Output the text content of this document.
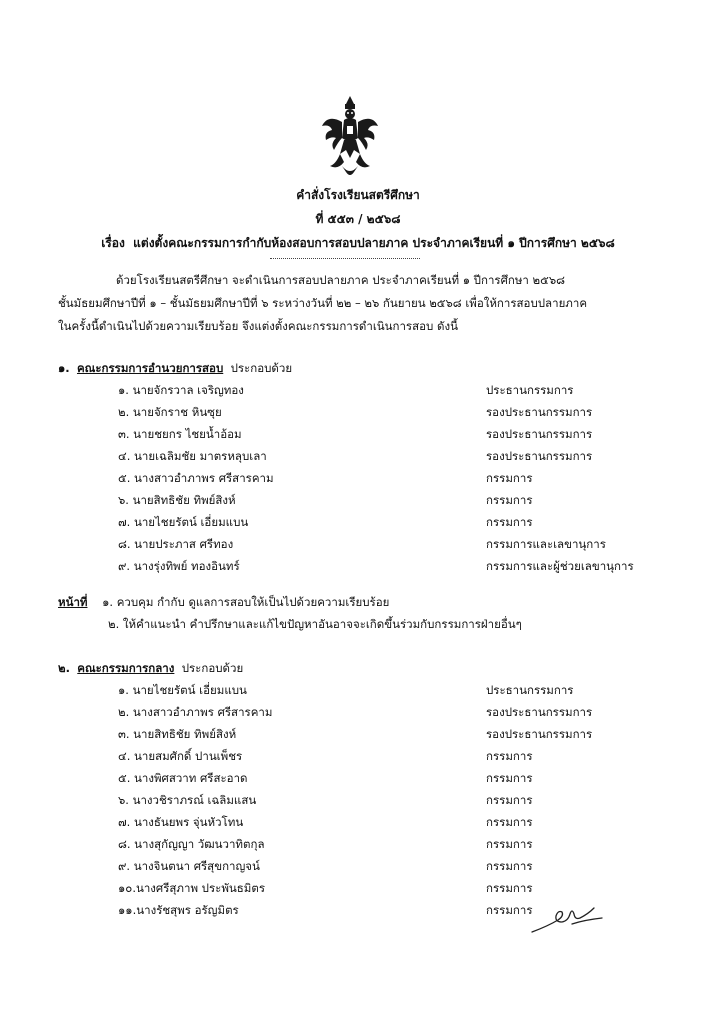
คำสั่งโรงเรียนสตรีศึกษา
ที่ ๕๕๓ / ๒๕๖๘
เรื่อง แต่งตั้งคณะกรรมการกำกับห้องสอบการสอบปลายภาค ประจำภาคเรียนที่ ๑ ปีการศึกษา ๒๕๖๘
ด้วยโรงเรียนสตรีศึกษา จะดำเนินการสอบปลายภาค ประจำภาคเรียนที่ ๑ ปีการศึกษา ๒๕๖๘
ชั้นมัธยมศึกษาปีที่ ๑ – ชั้นมัธยมศึกษาปีที่ ๖ ระหว่างวันที่ ๒๒ – ๒๖ กันยายน ๒๕๖๘ เพื่อให้การสอบปลายภาค
ในครั้งนี้ดำเนินไปด้วยความเรียบร้อย จึงแต่งตั้งคณะกรรมการดำเนินการสอบ ดังนี้
๑. คณะกรรมการอำนวยการสอบ ประกอบด้วย
๑. นายจักรวาล เจริญทอง	ประธานกรรมการ
๒. นายจักราช หินซุย	รองประธานกรรมการ
๓. นายชยกร ไชยน้ำอ้อม	รองประธานกรรมการ
๔. นายเฉลิมชัย มาตรหลุบเลา	รองประธานกรรมการ
๕. นางสาวอำภาพร ศรีสารคาม	กรรมการ
๖. นายสิทธิชัย ทิพย์สิงห์	กรรมการ
๗. นายไชยรัตน์ เอี่ยมแบน	กรรมการ
๘. นายประภาส ศรีทอง	กรรมการและเลขานุการ
๙. นางรุ่งทิพย์ ทองอินทร์	กรรมการและผู้ช่วยเลขานุการ
หน้าที่ ๑. ควบคุม กำกับ ดูแลการสอบให้เป็นไปด้วยความเรียบร้อย
๒. ให้คำแนะนำ คำปรึกษาและแก้ไขปัญหาอันอาจจะเกิดขึ้นร่วมกับกรรมการฝ่ายอื่นๆ
๒. คณะกรรมการกลาง ประกอบด้วย
๑. นายไชยรัตน์ เอี่ยมแบน	ประธานกรรมการ
๒. นางสาวอำภาพร ศรีสารคาม	รองประธานกรรมการ
๓. นายสิทธิชัย ทิพย์สิงห์	รองประธานกรรมการ
๔. นายสมศักดิ์ ปานเพ็ชร	กรรมการ
๕. นางพิศสวาท ศรีสะอาด	กรรมการ
๖. นางวชิราภรณ์ เฉลิมแสน	กรรมการ
๗. นางธันยพร จุ่นหัวโทน	กรรมการ
๘. นางสุกัญญา วัฒนวาทิตกุล	กรรมการ
๙. นางจินตนา ศรีสุขกาญจน์	กรรมการ
๑๐.นางศรีสุภาพ ประพันธมิตร	กรรมการ
๑๑.นางรัชสุพร อรัญมิตร	กรรมการ
